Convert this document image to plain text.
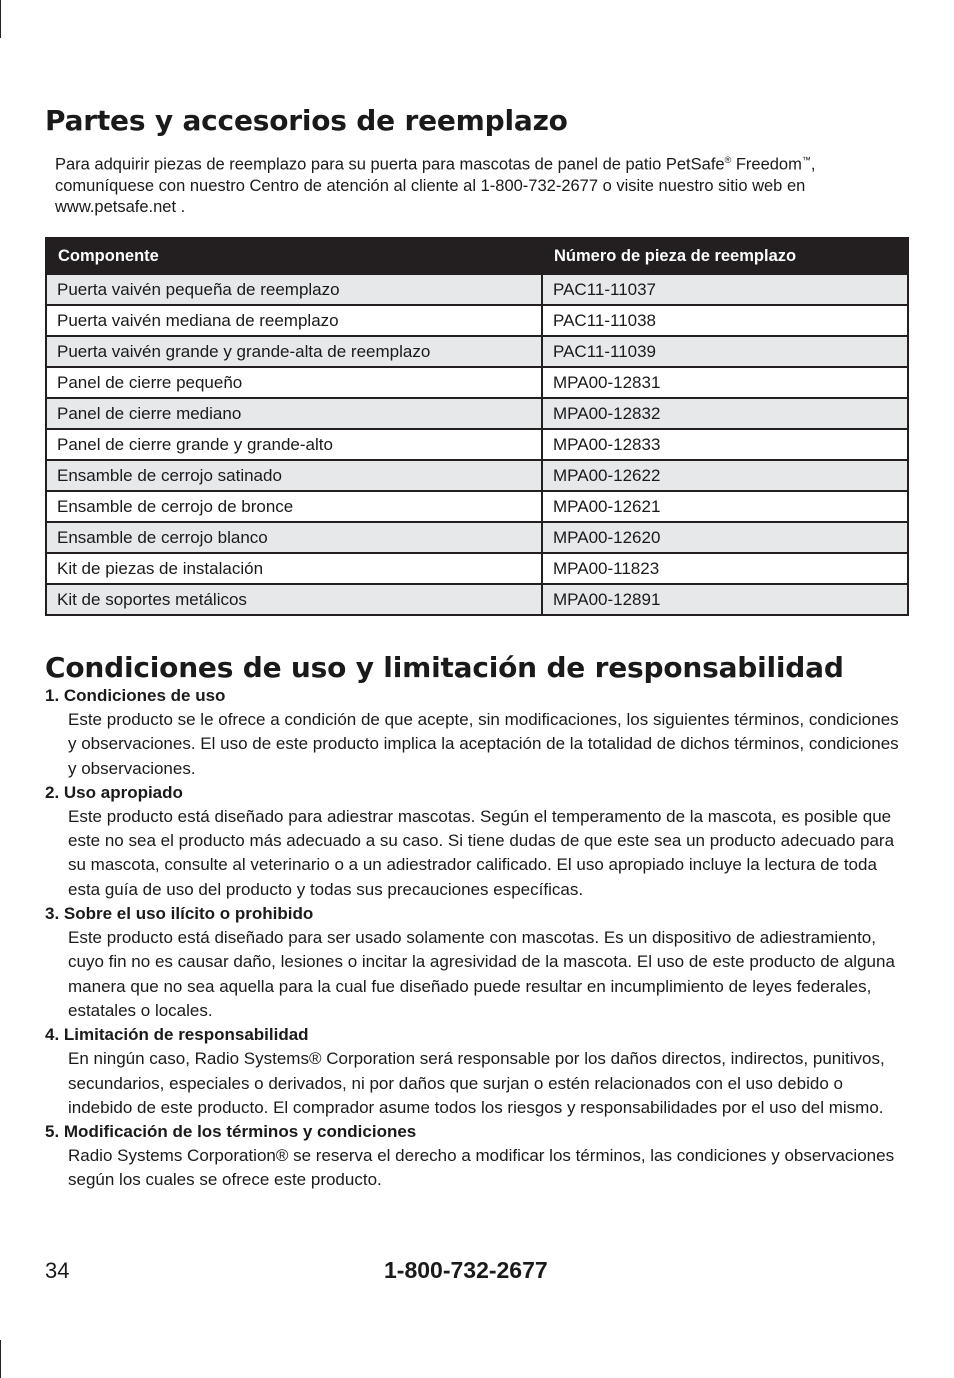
Partes y accesorios de reemplazo

Para adquirir piezas de reemplazo para su puerta para mascotas de panel de patio PetSafe® Freedom™, comuníquese con nuestro Centro de atención al cliente al 1-800-732-2677 o visite nuestro sitio web en www.petsafe.net .

Componente	Número de pieza de reemplazo
Puerta vaivén pequeña de reemplazo	PAC11-11037
Puerta vaivén mediana de reemplazo	PAC11-11038
Puerta vaivén grande y grande-alta de reemplazo	PAC11-11039
Panel de cierre pequeño	MPA00-12831
Panel de cierre mediano	MPA00-12832
Panel de cierre grande y grande-alto	MPA00-12833
Ensamble de cerrojo satinado	MPA00-12622
Ensamble de cerrojo de bronce	MPA00-12621
Ensamble de cerrojo blanco	MPA00-12620
Kit de piezas de instalación	MPA00-11823
Kit de soportes metálicos	MPA00-12891
Condiciones de uso y limitación de responsabilidad
1. Condiciones de uso
Este producto se le ofrece a condición de que acepte, sin modificaciones, los siguientes términos, condiciones y observaciones. El uso de este producto implica la aceptación de la totalidad de dichos términos, condiciones y observaciones.
2. Uso apropiado
Este producto está diseñado para adiestrar mascotas. Según el temperamento de la mascota, es posible que este no sea el producto más adecuado a su caso. Si tiene dudas de que este sea un producto adecuado para su mascota, consulte al veterinario o a un adiestrador calificado. El uso apropiado incluye la lectura de toda esta guía de uso del producto y todas sus precauciones específicas.
3. Sobre el uso ilícito o prohibido
Este producto está diseñado para ser usado solamente con mascotas. Es un dispositivo de adiestramiento, cuyo fin no es causar daño, lesiones o incitar la agresividad de la mascota. El uso de este producto de alguna manera que no sea aquella para la cual fue diseñado puede resultar en incumplimiento de leyes federales, estatales o locales.
4. Limitación de responsabilidad
En ningún caso, Radio Systems® Corporation será responsable por los daños directos, indirectos, punitivos, secundarios, especiales o derivados, ni por daños que surjan o estén relacionados con el uso debido o indebido de este producto. El comprador asume todos los riesgos y responsabilidades por el uso del mismo.
5. Modificación de los términos y condiciones
Radio Systems Corporation® se reserva el derecho a modificar los términos, las condiciones y observaciones según los cuales se ofrece este producto.
34	1-800-732-2677
